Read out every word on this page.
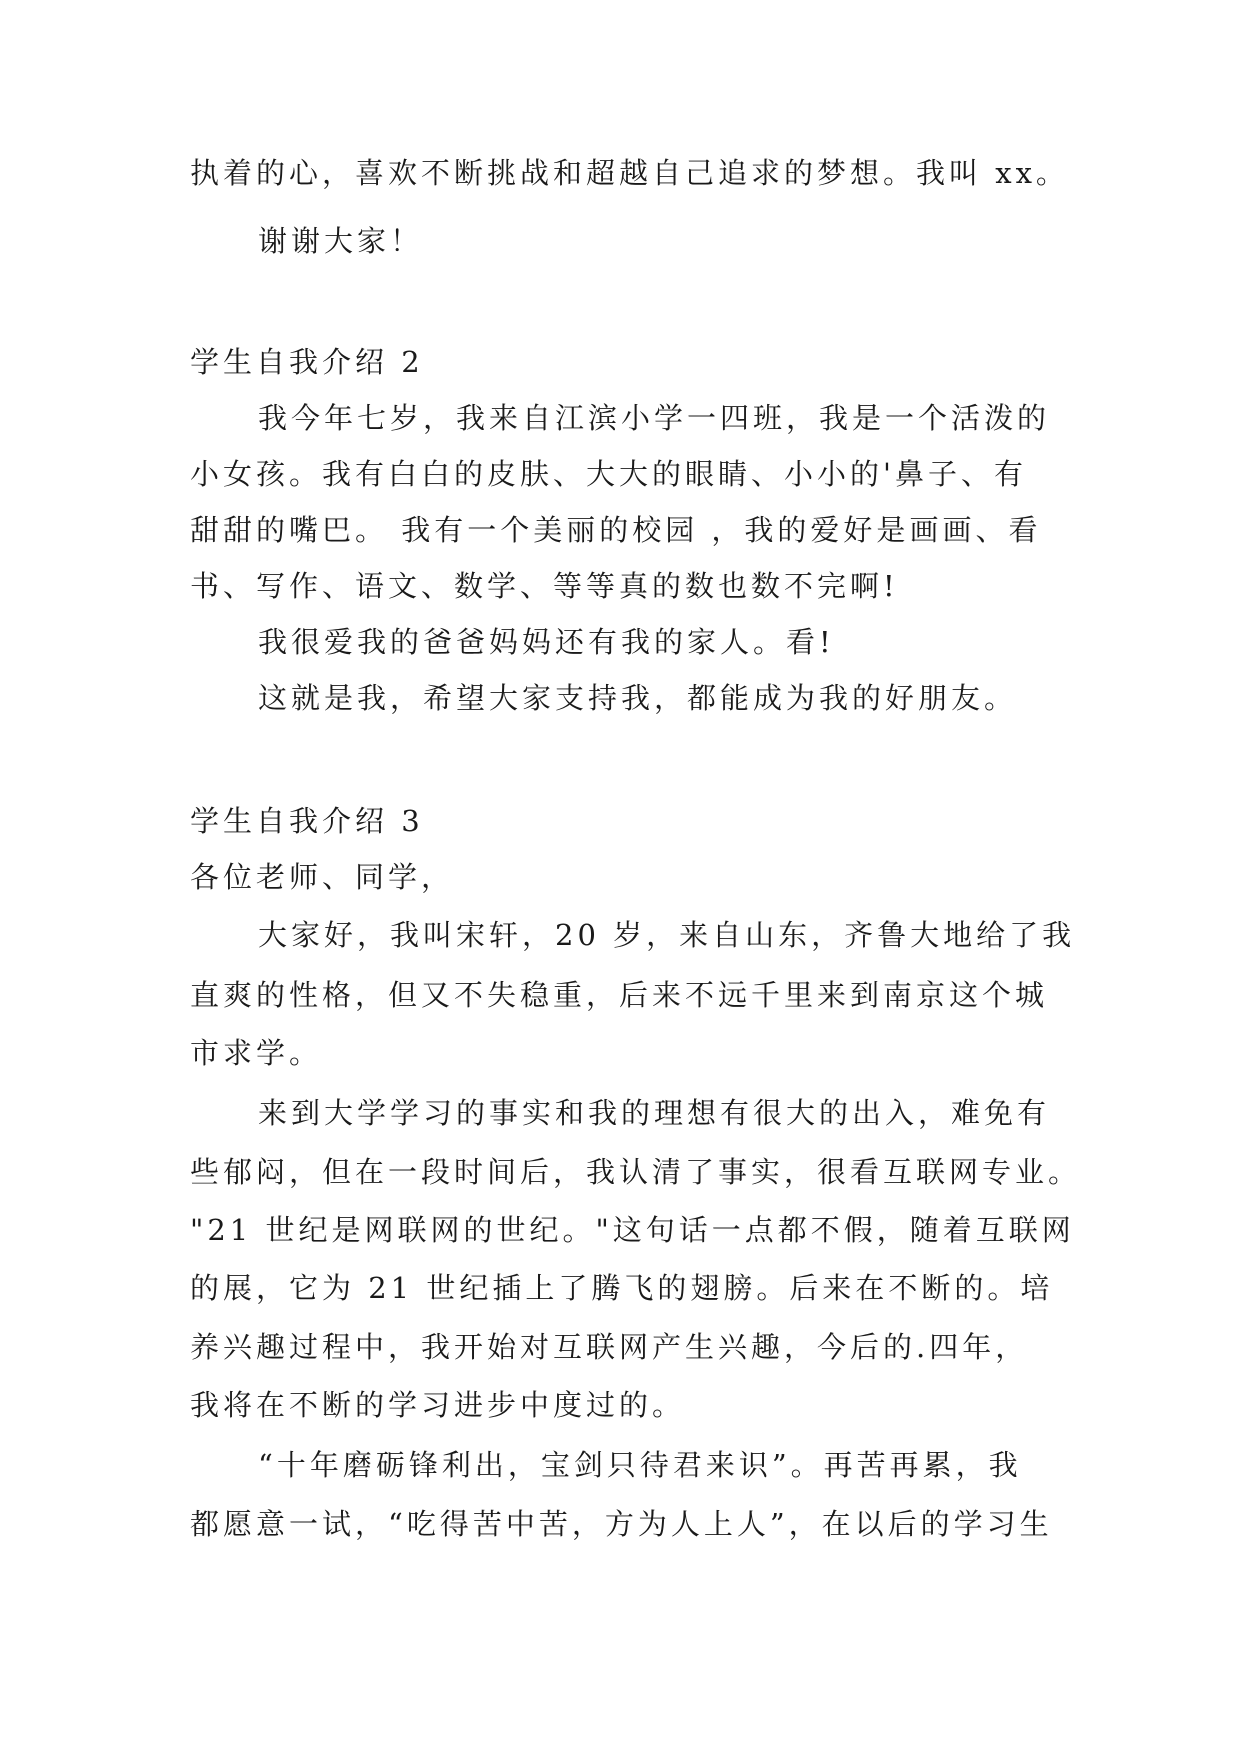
执着的心，喜欢不断挑战和超越自己追求的梦想。我叫 xx。
谢谢大家！
学生自我介绍 2
我今年七岁，我来自江滨小学一四班，我是一个活泼的
小女孩。我有白白的皮肤、大大的眼睛、小小的'鼻子、有
甜甜的嘴巴。 我有一个美丽的校园 ，我的爱好是画画、看
书、写作、语文、数学、等等真的数也数不完啊!
我很爱我的爸爸妈妈还有我的家人。看!
这就是我，希望大家支持我，都能成为我的好朋友。
学生自我介绍 3
各位老师、同学，
大家好，我叫宋轩，20 岁，来自山东，齐鲁大地给了我
直爽的性格，但又不失稳重，后来不远千里来到南京这个城
市求学。
来到大学学习的事实和我的理想有很大的出入，难免有
些郁闷，但在一段时间后，我认清了事实，很看互联网专业。
"21 世纪是网联网的世纪。"这句话一点都不假，随着互联网
的展，它为 21 世纪插上了腾飞的翅膀。后来在不断的。培
养兴趣过程中，我开始对互联网产生兴趣，今后的.四年，
我将在不断的学习进步中度过的。
“十年磨砺锋利出，宝剑只待君来识”。再苦再累，我
都愿意一试，“吃得苦中苦，方为人上人”，在以后的学习生
